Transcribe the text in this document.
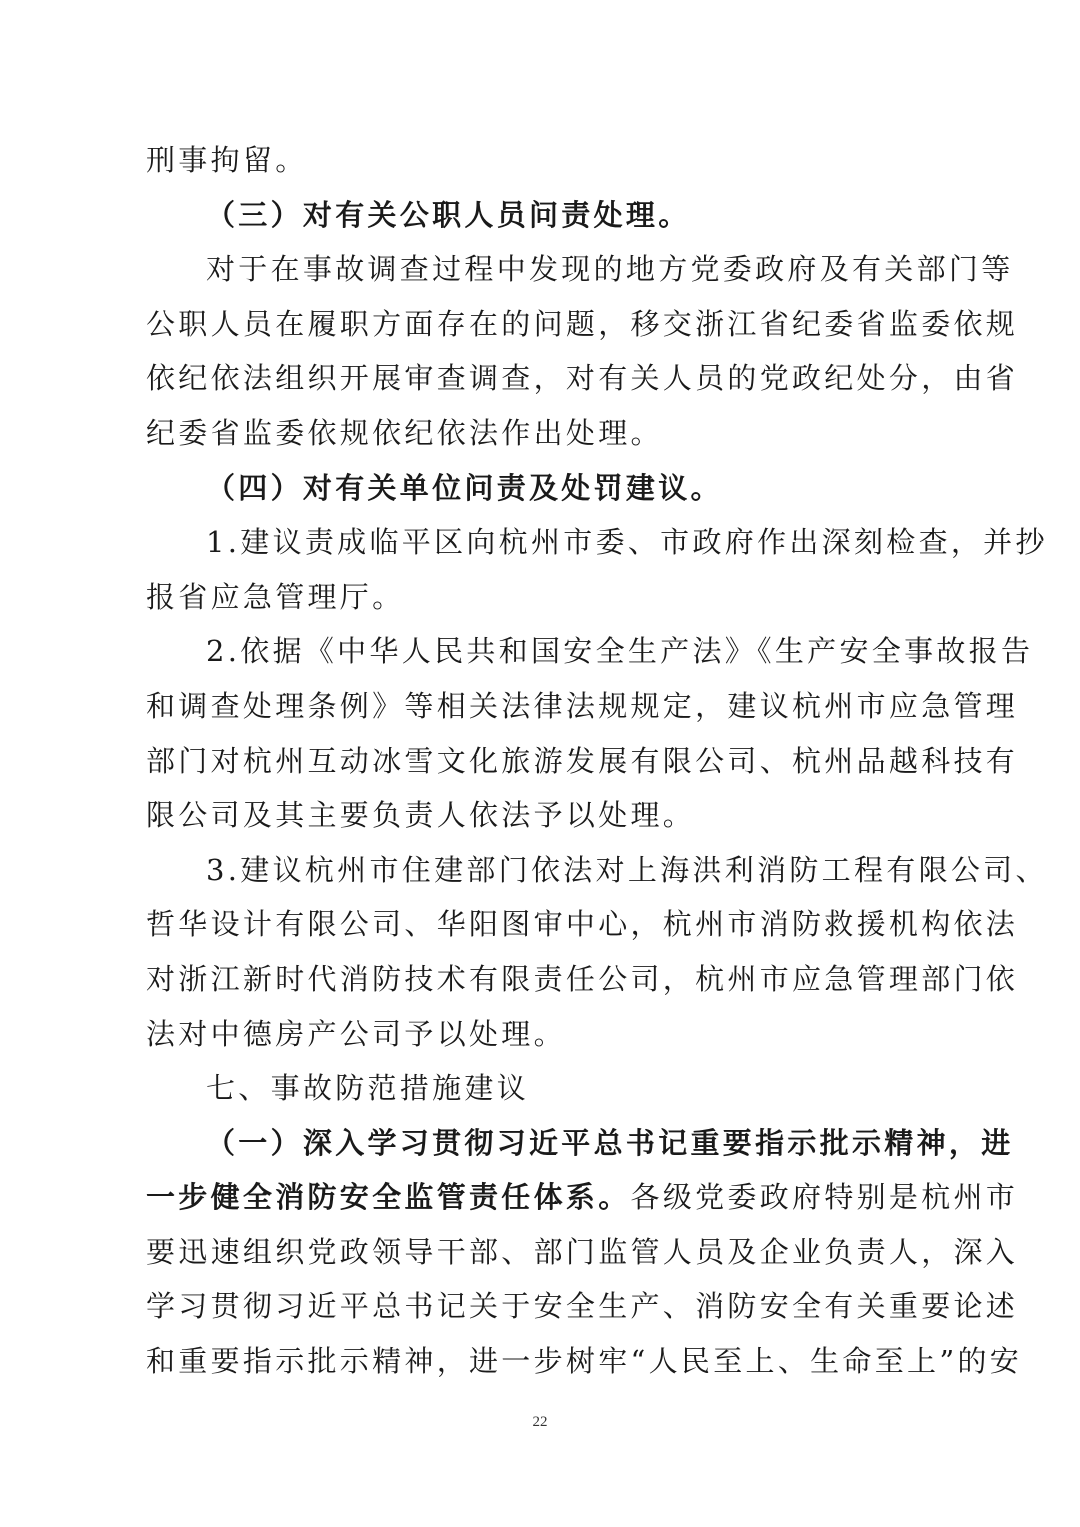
刑事拘留。

（三）对有关公职人员问责处理。

对于在事故调查过程中发现的地方党委政府及有关部门等

公职人员在履职方面存在的问题，移交浙江省纪委省监委依规

依纪依法组织开展审查调查，对有关人员的党政纪处分，由省

纪委省监委依规依纪依法作出处理。

（四）对有关单位问责及处罚建议。

1.建议责成临平区向杭州市委、市政府作出深刻检查，并抄

报省应急管理厅。

2.依据《中华人民共和国安全生产法》《生产安全事故报告

和调查处理条例》等相关法律法规规定，建议杭州市应急管理

部门对杭州互动冰雪文化旅游发展有限公司、杭州品越科技有

限公司及其主要负责人依法予以处理。

3.建议杭州市住建部门依法对上海洪利消防工程有限公司、

哲华设计有限公司、华阳图审中心，杭州市消防救援机构依法

对浙江新时代消防技术有限责任公司，杭州市应急管理部门依

法对中德房产公司予以处理。

七、事故防范措施建议

（一）深入学习贯彻习近平总书记重要指示批示精神，进

一步健全消防安全监管责任体系。各级党委政府特别是杭州市

要迅速组织党政领导干部、部门监管人员及企业负责人，深入

学习贯彻习近平总书记关于安全生产、消防安全有关重要论述

和重要指示批示精神，进一步树牢“人民至上、生命至上”的安

22
